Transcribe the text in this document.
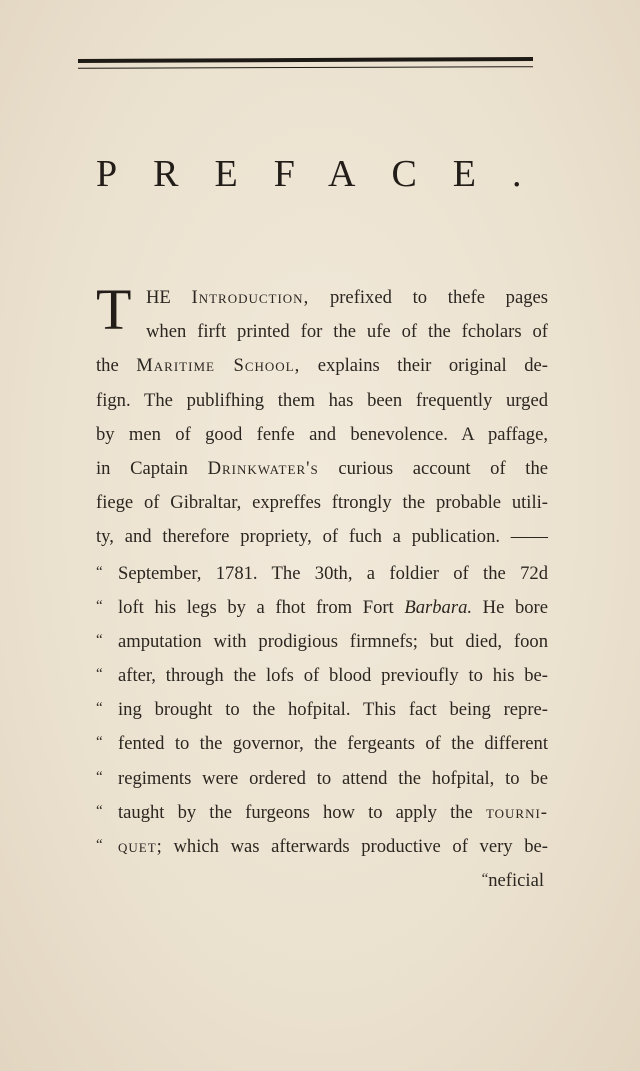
PREFACE.
T HE Introduction, prefixed to thefe pages
when firft printed for the ufe of the fcholars of
the Maritime School, explains their original de-
fign. The publifhing them has been frequently urged
by men of good fenfe and benevolence. A paffage,
in Captain Drinkwater's curious account of the
fiege of Gibraltar, expreffes ftrongly the probable utili-
ty, and therefore propriety, of fuch a publication. ——
“ September, 1781. The 30th, a foldier of the 72d
“ loft his legs by a fhot from Fort Barbara. He bore
“ amputation with prodigious firmnefs; but died, foon
“ after, through the lofs of blood previoufly to his be-
“ ing brought to the hofpital. This fact being repre-
“ fented to the governor, the fergeants of the different
“ regiments were ordered to attend the hofpital, to be
“ taught by the furgeons how to apply the tourni-
“ quet; which was afterwards productive of very be-
“neficial
